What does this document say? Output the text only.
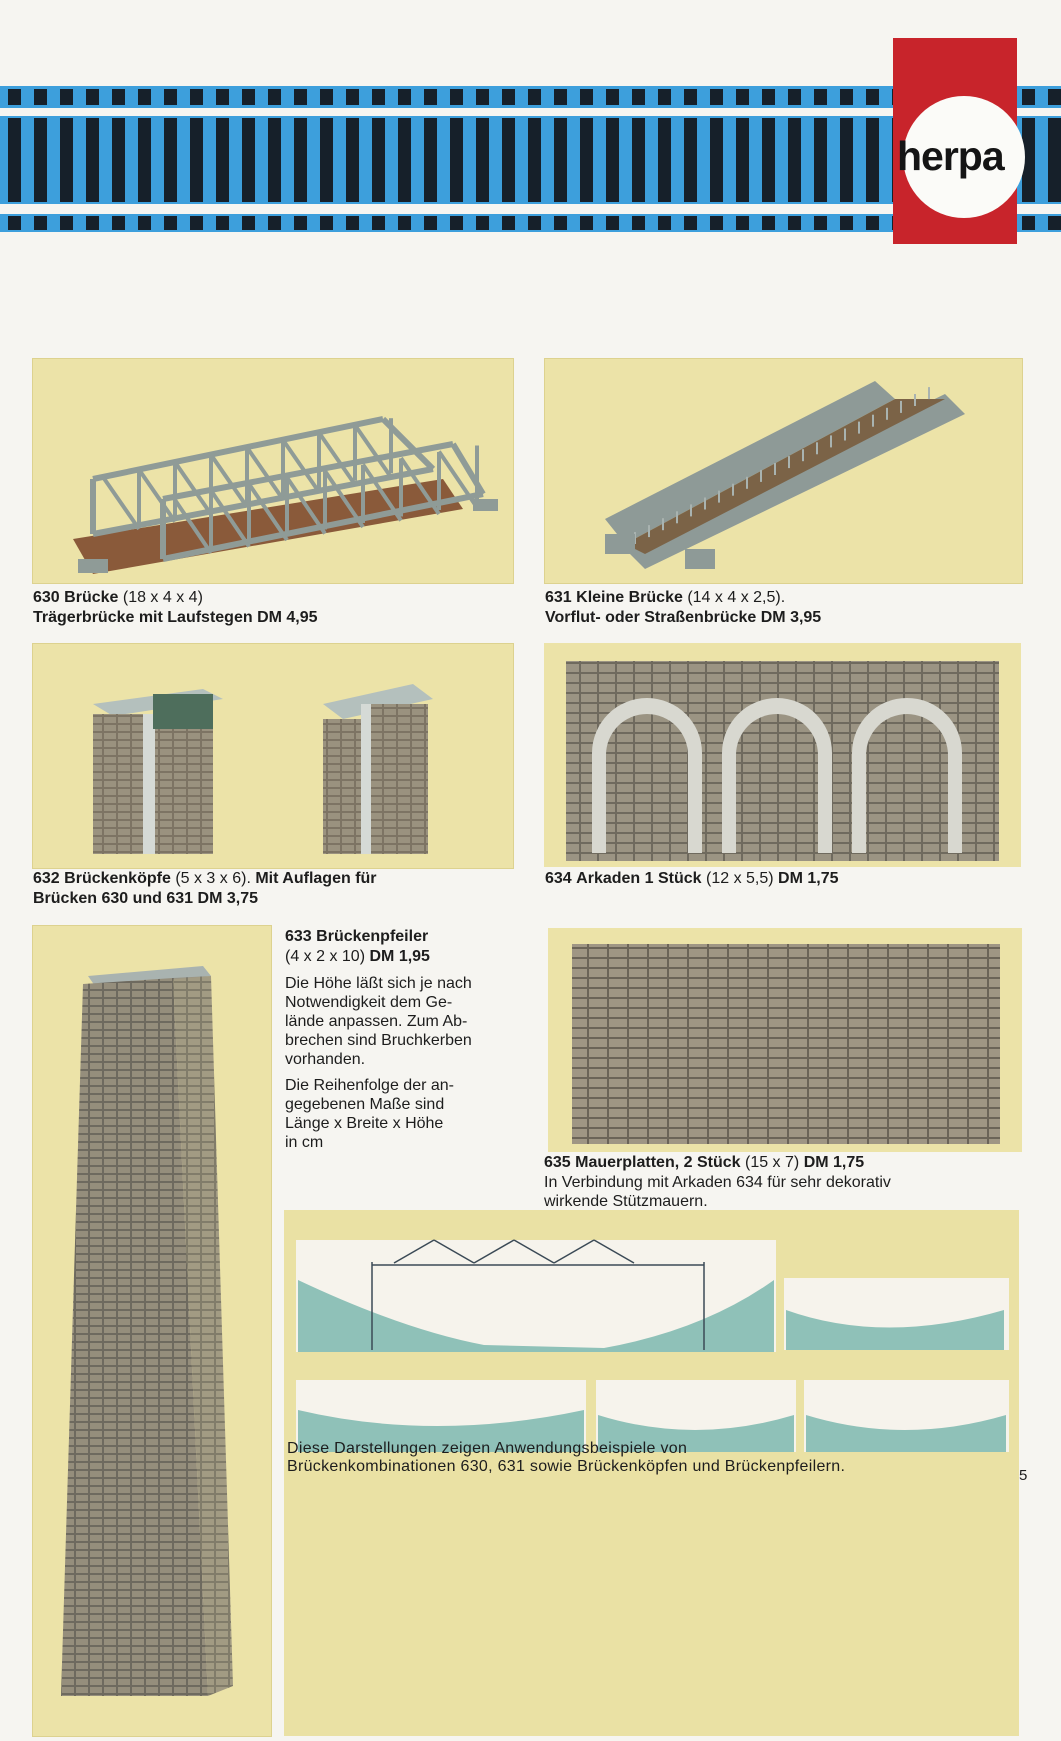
herpa
630 Brücke (18 x 4 x 4)
Trägerbrücke mit Laufstegen DM 4,95
631 Kleine Brücke (14 x 4 x 2,5).
Vorflut- oder Straßenbrücke DM 3,95
632 Brückenköpfe (5 x 3 x 6). Mit Auflagen für
Brücken 630 und 631 DM 3,75
634 Arkaden 1 Stück (12 x 5,5) DM 1,75
633 Brückenpfeiler
(4 x 2 x 10) DM 1,95
Die Höhe läßt sich je nach
Notwendigkeit dem Ge-
lände anpassen. Zum Ab-
brechen sind Bruchkerben
vorhanden.
Die Reihenfolge der an-
gegebenen Maße sind
Länge x Breite x Höhe
in cm
635 Mauerplatten, 2 Stück (15 x 7) DM 1,75
In Verbindung mit Arkaden 634 für sehr dekorativ
wirkende Stützmauern.
Diese Darstellungen zeigen Anwendungsbeispiele von
Brückenkombinationen 630, 631 sowie Brückenköpfen und Brückenpfeilern.
5
